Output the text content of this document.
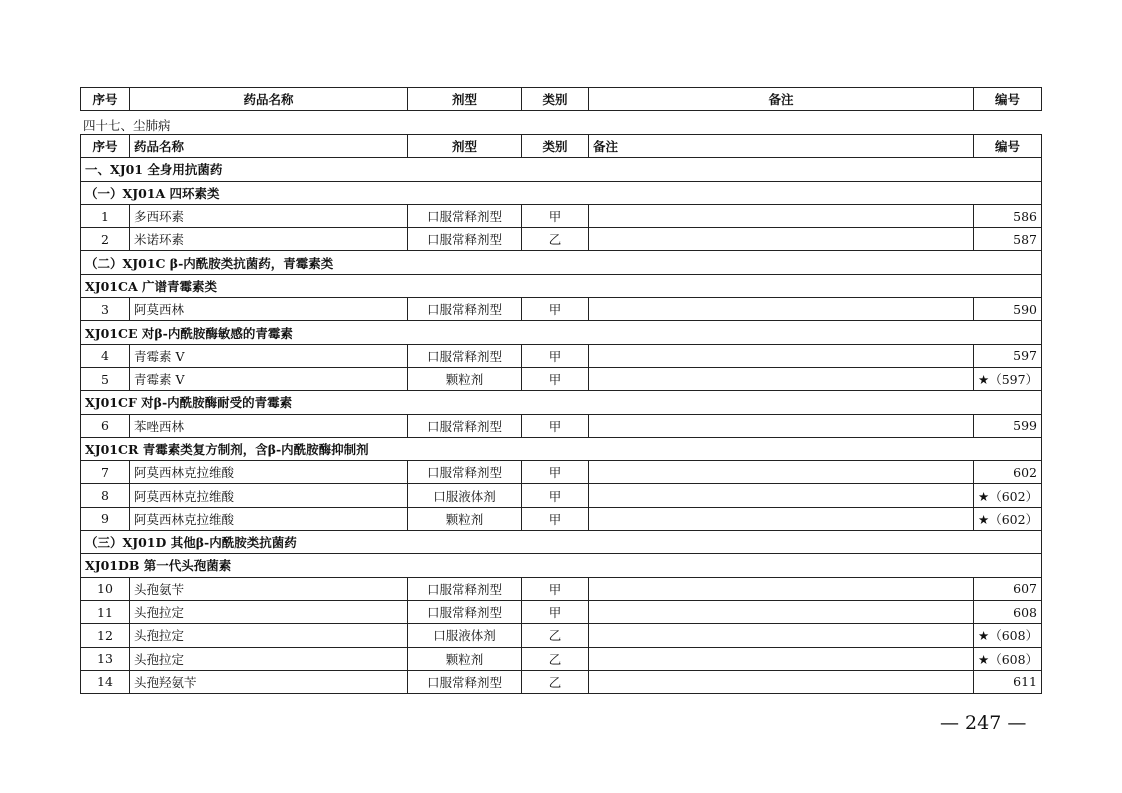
序号	药品名称	剂型	类别	备注	编号
四十七、尘肺病
序号	药品名称	剂型	类别	备注	编号
一、XJ01 全身用抗菌药					
（一）XJ01A 四环素类					
1	多西环素	口服常释剂型	甲		586
2	米诺环素	口服常释剂型	乙		587
（二）XJ01C β-内酰胺类抗菌药，青霉素类					
XJ01CA 广谱青霉素类					
3	阿莫西林	口服常释剂型	甲		590
XJ01CE 对β-内酰胺酶敏感的青霉素					
4	青霉素 V	口服常释剂型	甲		597
5	青霉素 V	颗粒剂	甲		★（597）
XJ01CF 对β-内酰胺酶耐受的青霉素					
6	苯唑西林	口服常释剂型	甲		599
XJ01CR 青霉素类复方制剂，含β-内酰胺酶抑制剂					
7	阿莫西林克拉维酸	口服常释剂型	甲		602
8	阿莫西林克拉维酸	口服液体剂	甲		★（602）
9	阿莫西林克拉维酸	颗粒剂	甲		★（602）
（三）XJ01D 其他β-内酰胺类抗菌药					
XJ01DB 第一代头孢菌素					
10	头孢氨苄	口服常释剂型	甲		607
11	头孢拉定	口服常释剂型	甲		608
12	头孢拉定	口服液体剂	乙		★（608）
13	头孢拉定	颗粒剂	乙		★（608）
14	头孢羟氨苄	口服常释剂型	乙		611
— 247 —
